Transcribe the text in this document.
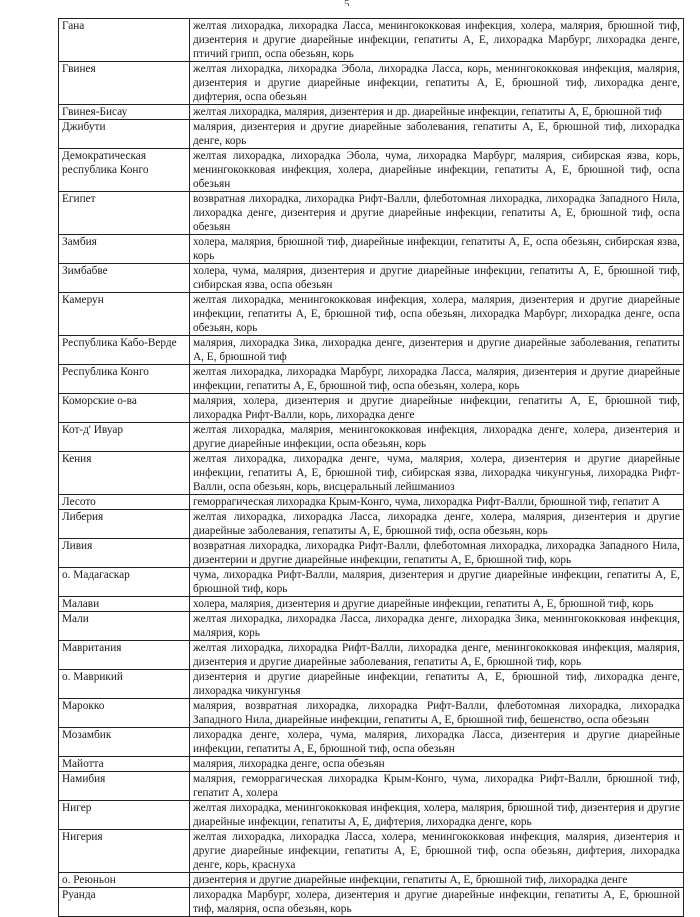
5
Гана	желтая лихорадка, лихорадка Ласса, менингококковая инфекция, холера, малярия, брюшной тиф, дизентерия и другие диарейные инфекции, гепатиты А, Е, лихорадка Марбург, лихорадка денге, птичий грипп, оспа обезьян, корь
Гвинея	желтая лихорадка, лихорадка Эбола, лихорадка Ласса, корь, менингококковая инфекция, малярия, дизентерия и другие диарейные инфекции, гепатиты А, Е, брюшной тиф, лихорадка денге, дифтерия, оспа обезьян
Гвинея-Бисау	желтая лихорадка, малярия, дизентерия и др. диарейные инфекции, гепатиты А, Е, брюшной тиф
Джибути	малярия, дизентерия и другие диарейные заболевания, гепатиты А, Е, брюшной тиф, лихорадка денге, корь
Демократическая республика Конго	желтая лихорадка, лихорадка Эбола, чума, лихорадка Марбург, малярия, сибирская язва, корь, менингококковая инфекция, холера, диарейные инфекции, гепатиты А, Е, брюшной тиф, оспа обезьян
Египет	возвратная лихорадка, лихорадка Рифт-Валли, флеботомная лихорадка, лихорадка Западного Нила, лихорадка денге, дизентерия и другие диарейные инфекции, гепатиты А, Е, брюшной тиф, оспа обезьян
Замбия	холера, малярия, брюшной тиф, диарейные инфекции, гепатиты А, Е, оспа обезьян, сибирская язва, корь
Зимбабве	холера, чума, малярия, дизентерия и другие диарейные инфекции, гепатиты А, Е, брюшной тиф, сибирская язва, оспа обезьян
Камерун	желтая лихорадка, менингококковая инфекция, холера, малярия, дизентерия и другие диарейные инфекции, гепатиты А, Е, брюшной тиф, оспа обезьян, лихорадка Марбург, лихорадка денге, оспа обезьян, корь
Республика Кабо-Верде	малярия, лихорадка Зика, лихорадка денге, дизентерия и другие диарейные заболевания, гепатиты А, Е, брюшной тиф
Республика Конго	желтая лихорадка, лихорадка Марбург, лихорадка Ласса, малярия, дизентерия и другие диарейные инфекции, гепатиты А, Е, брюшной тиф, оспа обезьян, холера, корь
Коморские о-ва	малярия, холера, дизентерия и другие диарейные инфекции, гепатиты А, Е, брюшной тиф, лихорадка Рифт-Валли, корь, лихорадка денге
Кот-д' Ивуар	желтая лихорадка, малярия, менингококковая инфекция, лихорадка денге, холера, дизентерия и другие диарейные инфекции, оспа обезьян, корь
Кения	желтая лихорадка, лихорадка денге, чума, малярия, холера, дизентерия и другие диарейные инфекции, гепатиты А, Е, брюшной тиф, сибирская язва, лихорадка чикунгунья, лихорадка Рифт-Валли, оспа обезьян, корь, висцеральный лейшманиоз
Лесото	геморрагическая лихорадка Крым-Конго, чума, лихорадка Рифт-Валли, брюшной тиф, гепатит А
Либерия	желтая лихорадка, лихорадка Ласса, лихорадка денге, холера, малярия, дизентерия и другие диарейные заболевания, гепатиты А, Е, брюшной тиф, оспа обезьян, корь
Ливия	возвратная лихорадка, лихорадка Рифт-Валли, флеботомная лихорадка, лихорадка Западного Нила, дизентерии и другие диарейные инфекции, гепатиты А, Е, брюшной тиф, корь
о. Мадагаскар	чума, лихорадка Рифт-Валли, малярия, дизентерия и другие диарейные инфекции, гепатиты А, Е, брюшной тиф, корь
Малави	холера, малярия, дизентерия и другие диарейные инфекции, гепатиты А, Е, брюшной тиф, корь
Мали	желтая лихорадка, лихорадка Ласса, лихорадка денге, лихорадка Зика, менингококковая инфекция, малярия, корь
Мавритания	желтая лихорадка, лихорадка Рифт-Валли, лихорадка денге, менингококковая инфекция, малярия, дизентерия и другие диарейные заболевания, гепатиты А, Е, брюшной тиф, корь
о. Маврикий	дизентерия и другие диарейные инфекции, гепатиты А, Е, брюшной тиф, лихорадка денге, лихорадка чикунгунья
Марокко	малярия, возвратная лихорадка, лихорадка Рифт-Валли, флеботомная лихорадка, лихорадка Западного Нила, диарейные инфекции, гепатиты А, Е, брюшной тиф, бешенство, оспа обезьян
Мозамбик	лихорадка денге, холера, чума, малярия, лихорадка Ласса, дизентерия и другие диарейные инфекции, гепатиты А, Е, брюшной тиф, оспа обезьян
Майотта	малярия, лихорадка денге, оспа обезьян
Намибия	малярия, геморрагическая лихорадка Крым-Конго, чума, лихорадка Рифт-Валли, брюшной тиф, гепатит А, холера
Нигер	желтая лихорадка, менингококковая инфекция, холера, малярия, брюшной тиф, дизентерия и другие диарейные инфекции, гепатиты А, Е, дифтерия, лихорадка денге, корь
Нигерия	желтая лихорадка, лихорадка Ласса, холера, менингококковая инфекция, малярия, дизентерия и другие диарейные инфекции, гепатиты А, Е, брюшной тиф, оспа обезьян, дифтерия, лихорадка денге, корь, краснуха
о. Реюньон	дизентерия и другие диарейные инфекции, гепатиты А, Е, брюшной тиф, лихорадка денге
Руанда	лихорадка Марбург, холера, дизентерия и другие диарейные инфекции, гепатиты А, Е, брюшной тиф, малярия, оспа обезьян, корь
